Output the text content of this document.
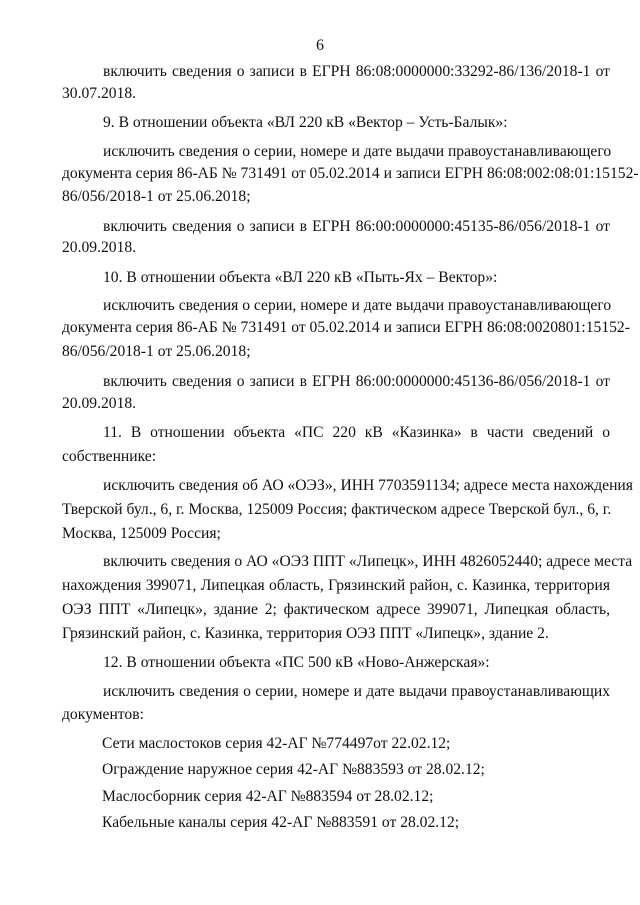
6
включить сведения о записи в ЕГРН 86:08:0000000:33292-86/136/2018-1 от
30.07.2018.
9. В отношении объекта «ВЛ 220 кВ «Вектор – Усть-Балык»:
исключить сведения о серии, номере и дате выдачи правоустанавливающего
документа серия 86-АБ № 731491 от 05.02.2014 и записи ЕГРН 86:08:002:08:01:15152-
86/056/2018-1 от 25.06.2018;
включить сведения о записи в ЕГРН 86:00:0000000:45135-86/056/2018-1 от
20.09.2018.
10. В отношении объекта «ВЛ 220 кВ «Пыть-Ях – Вектор»:
исключить сведения о серии, номере и дате выдачи правоустанавливающего
документа серия 86-АБ № 731491 от 05.02.2014 и записи ЕГРН 86:08:0020801:15152-
86/056/2018-1 от 25.06.2018;
включить сведения о записи в ЕГРН 86:00:0000000:45136-86/056/2018-1 от
20.09.2018.
11. В отношении объекта «ПС 220 кВ «Казинка» в части сведений о
собственнике:
исключить сведения об АО «ОЭЗ», ИНН 7703591134; адресе места нахождения
Тверской бул., 6, г. Москва, 125009 Россия; фактическом адресе Тверской бул., 6, г.
Москва, 125009 Россия;
включить сведения о АО «ОЭЗ ППТ «Липецк», ИНН 4826052440; адресе места
нахождения 399071, Липецкая область, Грязинский район, с. Казинка, территория
ОЭЗ ППТ «Липецк», здание 2; фактическом адресе 399071, Липецкая область,
Грязинский район, с. Казинка, территория ОЭЗ ППТ «Липецк», здание 2.
12. В отношении объекта «ПС 500 кВ «Ново-Анжерская»:
исключить сведения о серии, номере и дате выдачи правоустанавливающих
документов:
Сети маслостоков серия 42-АГ №774497от 22.02.12;
Ограждение наружное серия 42-АГ №883593 от 28.02.12;
Маслосборник серия 42-АГ №883594 от 28.02.12;
Кабельные каналы серия 42-АГ №883591 от 28.02.12;
